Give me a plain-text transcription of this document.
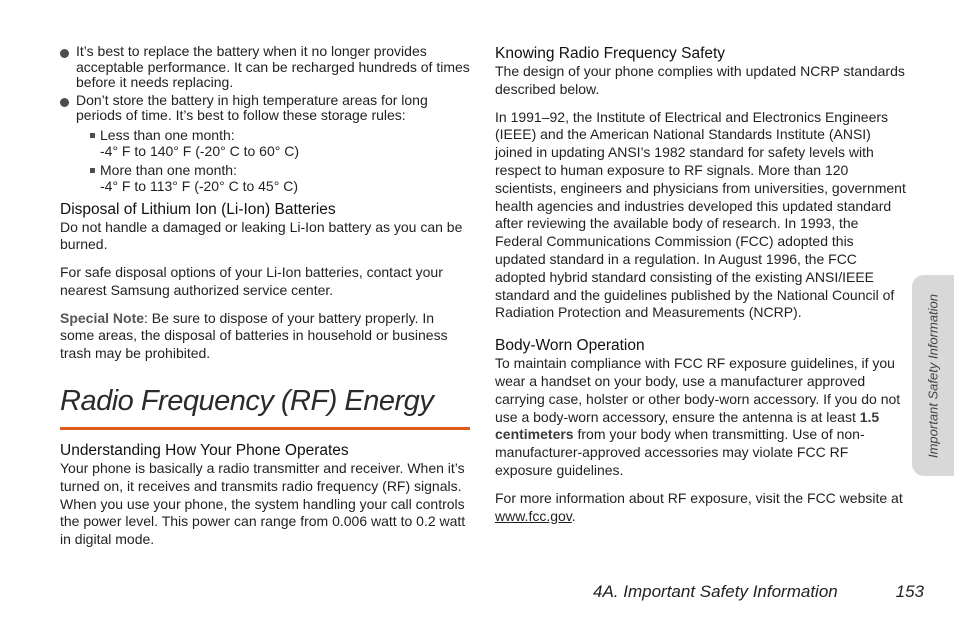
It’s best to replace the battery when it no longer provides acceptable performance. It can be recharged hundreds of times before it needs replacing.
Don’t store the battery in high temperature areas for long periods of time. It’s best to follow these storage rules:
Less than one month:
-4° F to 140° F (-20° C to 60° C)
More than one month:
-4° F to 113° F (-20° C to 45° C)
Disposal of Lithium Ion (Li-Ion) Batteries

Do not handle a damaged or leaking Li-Ion battery as you can be burned.

For safe disposal options of your Li-Ion batteries, contact your nearest Samsung authorized service center.

Special Note: Be sure to dispose of your battery properly. In some areas, the disposal of batteries in household or business trash may be prohibited.

Radio Frequency (RF) Energy
Understanding How Your Phone Operates

Your phone is basically a radio transmitter and receiver. When it’s turned on, it receives and transmits radio frequency (RF) signals. When you use your phone, the system handling your call controls the power level. This power can range from 0.006 watt to 0.2 watt in digital mode.

Knowing Radio Frequency Safety

The design of your phone complies with updated NCRP standards described below.

In 1991–92, the Institute of Electrical and Electronics Engineers (IEEE) and the American National Standards Institute (ANSI) joined in updating ANSI’s 1982 standard for safety levels with respect to human exposure to RF signals. More than 120 scientists, engineers and physicians from universities, government health agencies and industries developed this updated standard after reviewing the available body of research. In 1993, the Federal Communications Commission (FCC) adopted this updated standard in a regulation. In August 1996, the FCC adopted hybrid standard consisting of the existing ANSI/IEEE standard and the guidelines published by the National Council of Radiation Protection and Measurements (NCRP).

Body-Worn Operation

To maintain compliance with FCC RF exposure guidelines, if you wear a handset on your body, use a manufacturer approved carrying case, holster or other body-worn accessory. If you do not use a body-worn accessory, ensure the antenna is at least 1.5 centimeters from your body when transmitting. Use of non-manufacturer-approved accessories may violate FCC RF exposure guidelines.

For more information about RF exposure, visit the FCC website at www.fcc.gov.

Important Safety Information
4A. Important Safety Information	153
